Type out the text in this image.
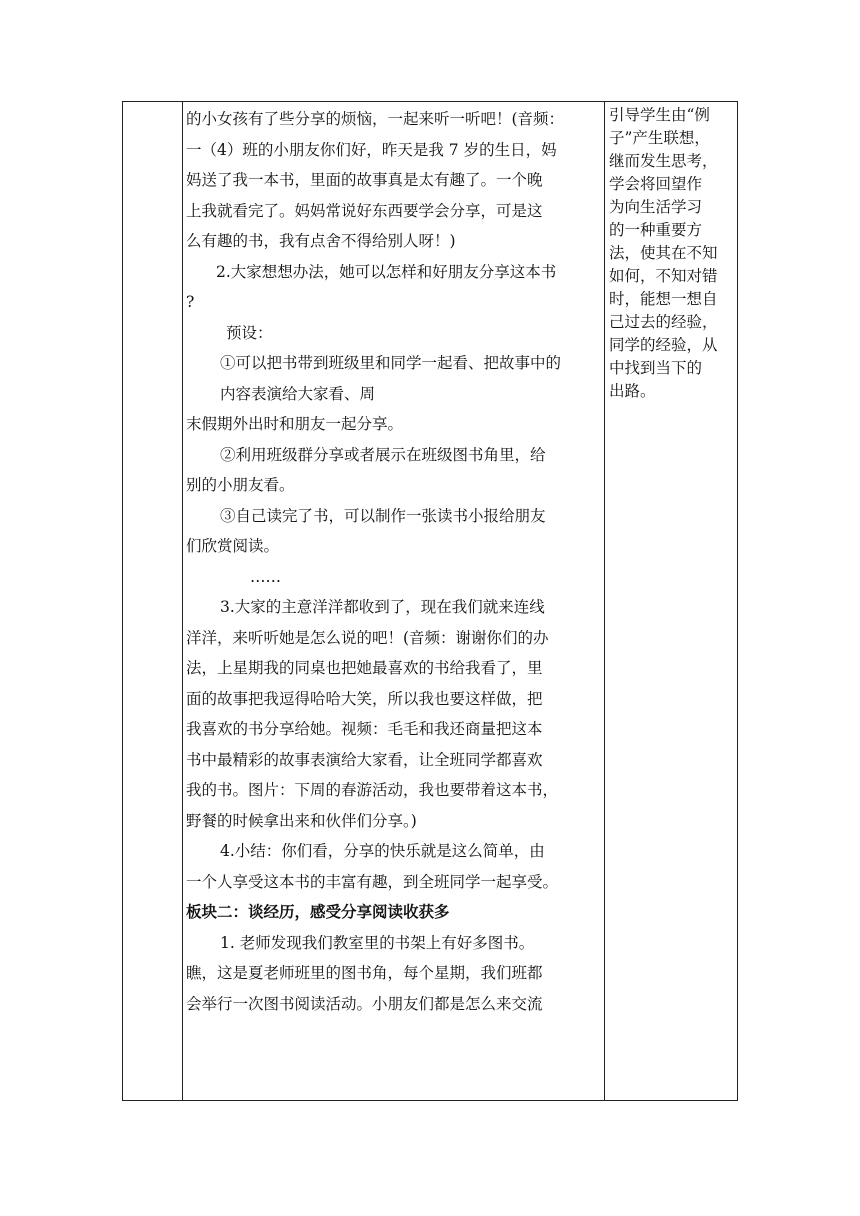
的小女孩有了些分享的烦恼，一起来听一听吧！(音频：
一（4）班的小朋友你们好，昨天是我 7 岁的生日，妈
妈送了我一本书，里面的故事真是太有趣了。一个晚
上我就看完了。妈妈常说好东西要学会分享，可是这
么有趣的书，我有点舍不得给别人呀！)
2.大家想想办法，她可以怎样和好朋友分享这本书
?
预设：
①可以把书带到班级里和同学一起看、把故事中的
内容表演给大家看、周
末假期外出时和朋友一起分享。
②利用班级群分享或者展示在班级图书角里，给
别的小朋友看。
③自己读完了书，可以制作一张读书小报给朋友
们欣赏阅读。
……
3.大家的主意洋洋都收到了，现在我们就来连线
洋洋，来听听她是怎么说的吧！(音频：谢谢你们的办
法，上星期我的同桌也把她最喜欢的书给我看了，里
面的故事把我逗得哈哈大笑，所以我也要这样做，把
我喜欢的书分享给她。视频：毛毛和我还商量把这本
书中最精彩的故事表演给大家看，让全班同学都喜欢
我的书。图片：下周的春游活动，我也要带着这本书，
野餐的时候拿出来和伙伴们分享。)
4.小结：你们看，分享的快乐就是这么简单，由
一个人享受这本书的丰富有趣，到全班同学一起享受。
板块二：谈经历，感受分享阅读收获多
1. 老师发现我们教室里的书架上有好多图书。
瞧，这是夏老师班里的图书角，每个星期，我们班都
会举行一次图书阅读活动。小朋友们都是怎么来交流
引导学生由“例
子”产生联想，
继而发生思考，
学会将回望作
为向生活学习
的一种重要方
法，使其在不知
如何，不知对错
时，能想一想自
己过去的经验，
同学的经验，从
中找到当下的
出路。
